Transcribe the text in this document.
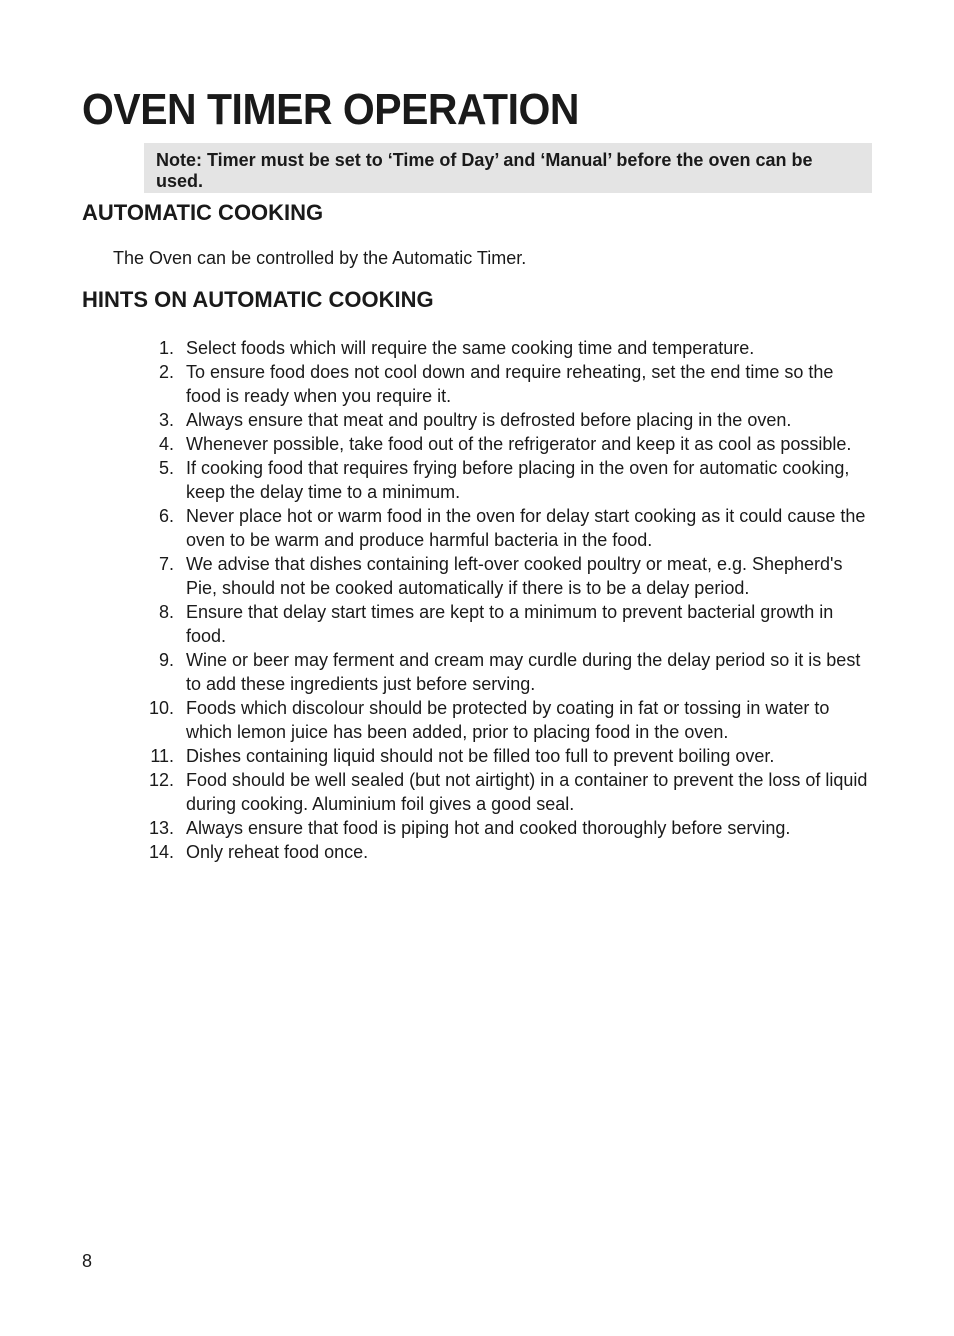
OVEN TIMER OPERATION
Note: Timer must be set to ‘Time of Day’ and ‘Manual’ before the oven can be used.
AUTOMATIC COOKING

The Oven can be controlled by the Automatic Timer.

HINTS ON AUTOMATIC COOKING
1. Select foods which will require the same cooking time and temperature.
2. To ensure food does not cool down and require reheating, set the end time so the food is ready when you require it.
3. Always ensure that meat and poultry is defrosted before placing in the oven.
4. Whenever possible, take food out of the refrigerator and keep it as cool as possible.
5. If cooking food that requires frying before placing in the oven for automatic cooking, keep the delay time to a minimum.
6. Never place hot or warm food in the oven for delay start cooking as it could cause the oven to be warm and produce harmful bacteria in the food.
7. We advise that dishes containing left-over cooked poultry or meat, e.g. Shepherd's Pie, should not be cooked automatically if there is to be a delay period.
8. Ensure that delay start times are kept to a minimum to prevent bacterial growth in food.
9. Wine or beer may ferment and cream may curdle during the delay period so it is best to add these ingredients just before serving.
10. Foods which discolour should be protected by coating in fat or tossing in water to which lemon juice has been added, prior to placing food in the oven.
11. Dishes containing liquid should not be filled too full to prevent boiling over.
12. Food should be well sealed (but not airtight) in a container to prevent the loss of liquid during cooking. Aluminium foil gives a good seal.
13. Always ensure that food is piping hot and cooked thoroughly before serving.
14. Only reheat food once.
8
